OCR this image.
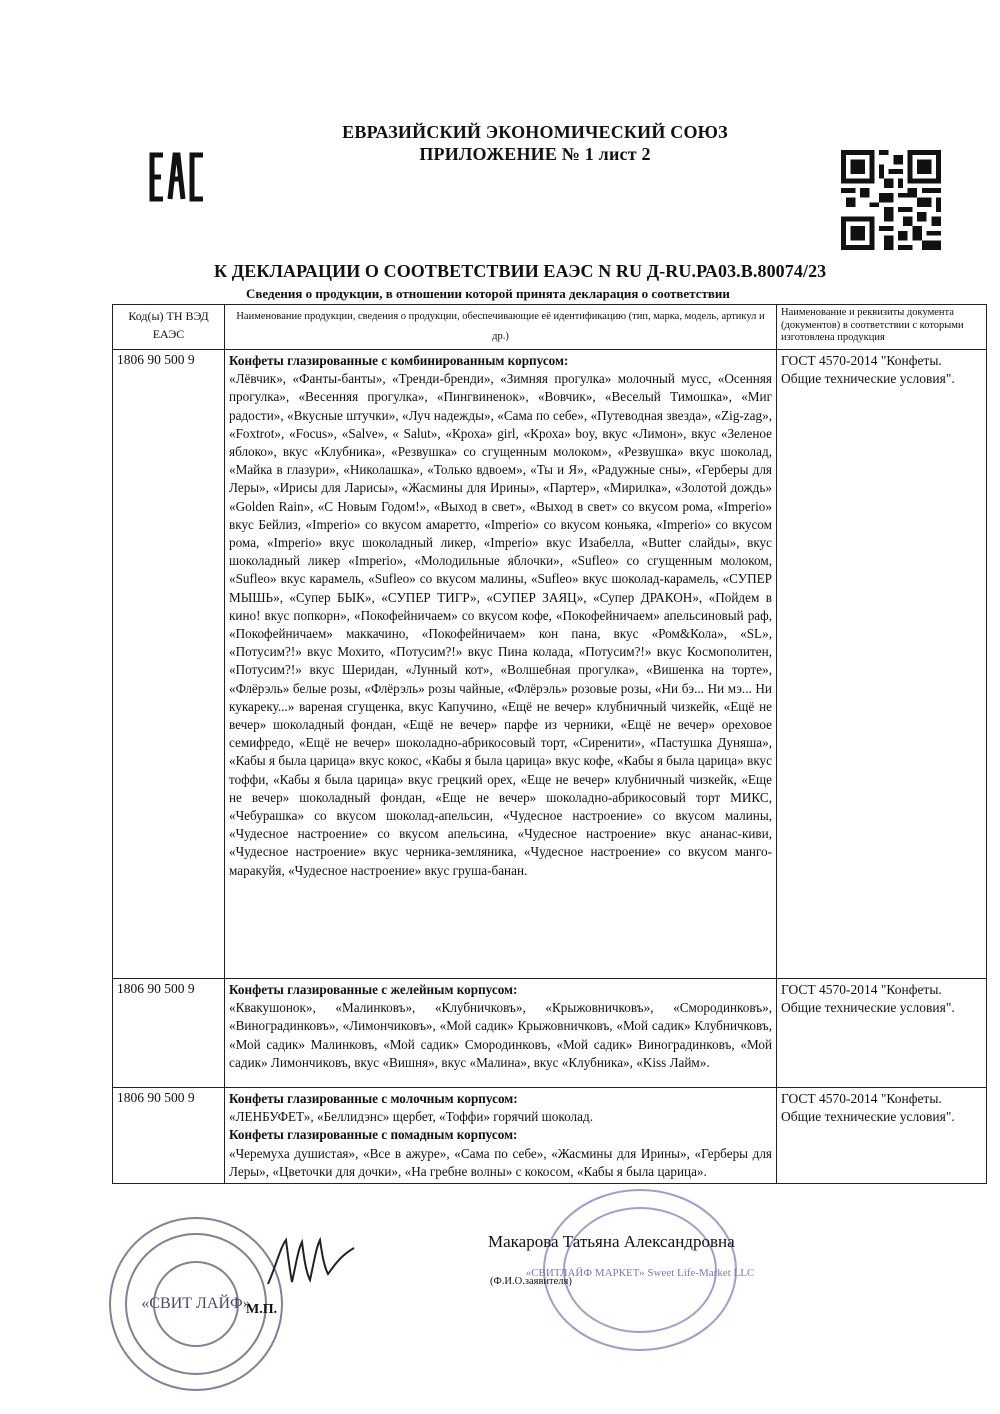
ЕВРАЗИЙСКИЙ ЭКОНОМИЧЕСКИЙ СОЮЗ
ПРИЛОЖЕНИЕ № 1 лист 2
К ДЕКЛАРАЦИИ О СООТВЕТСТВИИ ЕАЭС N RU Д-RU.РА03.В.80074/23
Сведения о продукции, в отношении которой принята декларация о соответствии
Код(ы) ТН ВЭД ЕАЭС	Наименование продукции, сведения о продукции, обеспечивающие её идентификацию (тип, марка, модель, артикул и др.)	Наименование и реквизиты документа (документов) в соответствии с которыми изготовлена продукция
1806 90 500 9	Конфеты глазированные с комбинированным корпусом:
«Лёвчик», «Фанты-банты», «Тренди-бренди», «Зимняя прогулка» молочный мусс, «Осенняя прогулка», «Весенняя прогулка», «Пингвиненок», «Вовчик», «Веселый Тимошка», «Миг радости», «Вкусные штучки», «Луч надежды», «Сама по себе», «Путеводная звезда», «Zig-zag», «Foxtrot», «Focus», «Salve», « Salut», «Кроха» girl, «Кроха» boy, вкус «Лимон», вкус «Зеленое яблоко», вкус «Клубника», «Резвушка» со сгущенным молоком», «Резвушка» вкус шоколад, «Майка в глазури», «Николашка», «Только вдвоем», «Ты и Я», «Радужные сны», «Герберы для Леры», «Ирисы для Ларисы», «Жасмины для Ирины», «Партер», «Мирилка», «Золотой дождь» «Golden Rain», «С Новым Годом!», «Выход в свет», «Выход в свет» со вкусом рома, «Imperio» вкус Бейлиз, «Imperio» со вкусом амаретто, «Imperio» со вкусом коньяка, «Imperio» со вкусом рома, «Imperio» вкус шоколадный ликер, «Imperio» вкус Изабелла, «Butter слайды», вкус шоколадный ликер «Imperio», «Молодильные яблочки», «Sufleo» со сгущенным молоком, «Sufleo» вкус карамель, «Sufleo» со вкусом малины, «Sufleo» вкус шоколад-карамель, «СУПЕР МЫШЬ», «Супер БЫК», «СУПЕР ТИГР», «СУПЕР ЗАЯЦ», «Супер ДРАКОН», «Пойдем в кино! вкус попкорн», «Покофейничаем» со вкусом кофе, «Покофейничаем» апельсиновый раф, «Покофейничаем» маккачино, «Покофейничаем» кон пана, вкус «Ром&Кола», «SL», «Потусим?!» вкус Мохито, «Потусим?!» вкус Пина колада, «Потусим?!» вкус Космополитен, «Потусим?!» вкус Шеридан, «Лунный кот», «Волшебная прогулка», «Вишенка на торте», «Флёрэль» белые розы, «Флёрэль» розы чайные, «Флёрэль» розовые розы, «Ни бэ... Ни мэ... Ни кукареку...» вареная сгущенка, вкус Капучино, «Ещё не вечер» клубничный чизкейк, «Ещё не вечер» шоколадный фондан, «Ещё не вечер» парфе из черники, «Ещё не вечер» ореховое семифредо, «Ещё не вечер» шоколадно-абрикосовый торт, «Сиренити», «Пастушка Дуняша», «Кабы я была царица» вкус кокос, «Кабы я была царица» вкус кофе, «Кабы я была царица» вкус тоффи, «Кабы я была царица» вкус грецкий орех, «Еще не вечер» клубничный чизкейк, «Еще не вечер» шоколадный фондан, «Еще не вечер» шоколадно-абрикосовый торт МИКС, «Чебурашка» со вкусом шоколад-апельсин, «Чудесное настроение» со вкусом малины, «Чудесное настроение» со вкусом апельсина, «Чудесное настроение» вкус ананас-киви, «Чудесное настроение» вкус черника-земляника, «Чудесное настроение» со вкусом манго-маракуйя, «Чудесное настроение» вкус груша-банан.	ГОСТ 4570-2014 "Конфеты. Общие технические условия".
1806 90 500 9	Конфеты глазированные с желейным корпусом:
«Квакушонок», «Малинковъ», «Клубничковъ», «Крыжовничковъ», «Смородинковъ», «Виноградинковъ», «Лимончиковъ», «Мой садик» Крыжовничковъ, «Мой садик» Клубничковъ, «Мой садик» Малинковъ, «Мой садик» Смородинковъ, «Мой садик» Виноградинковъ, «Мой садик» Лимончиковъ, вкус «Вишня», вкус «Малина», вкус «Клубника», «Kiss Лайм».	ГОСТ 4570-2014 "Конфеты. Общие технические условия".
1806 90 500 9	Конфеты глазированные с молочным корпусом:
«ЛЕНБУФЕТ», «Беллидэнс» щербет, «Тоффи» горячий шоколад.
Конфеты глазированные с помадным корпусом:
«Черемуха душистая», «Все в ажуре», «Сама по себе», «Жасмины для Ирины», «Герберы для Леры», «Цветочки для дочки», «На гребне волны» с кокосом, «Кабы я была царица».	ГОСТ 4570-2014 "Конфеты. Общие технические условия".
«СВИТ ЛАЙФ»
М.П.
«СВИТЛАЙФ МАРКЕТ» Sweet Life-Market LLC
Макарова Татьяна Александровна
(Ф.И.О.заявителя)
